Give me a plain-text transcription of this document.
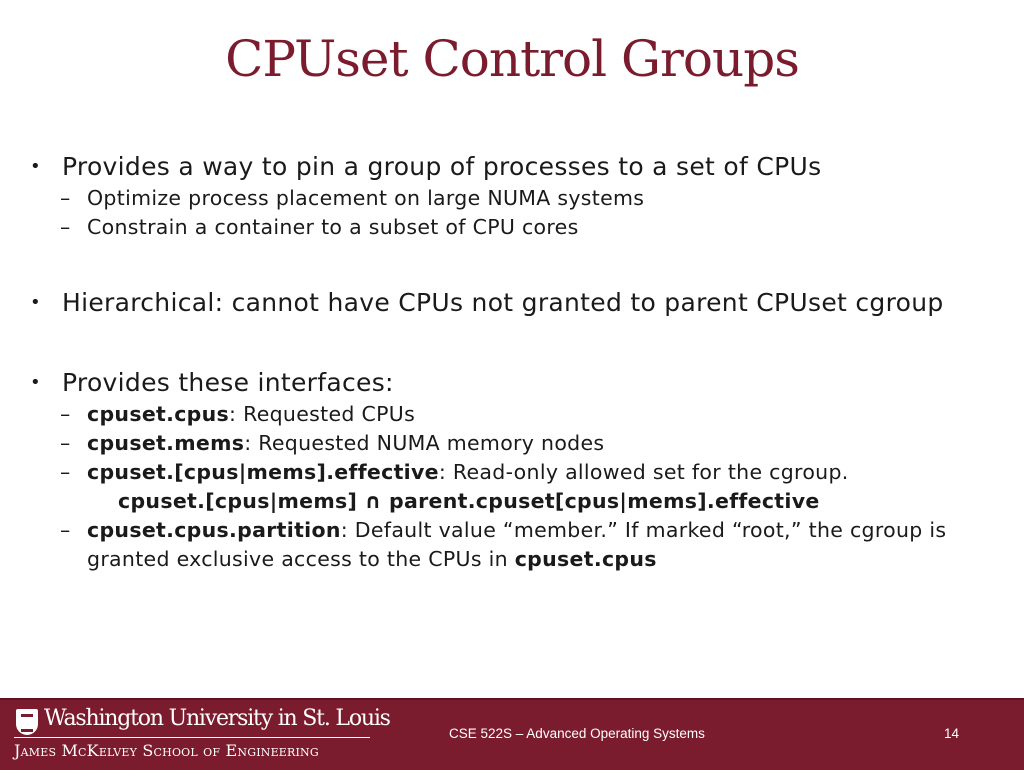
CPUset Control Groups
• Provides a way to pin a group of processes to a set of CPUs
– Optimize process placement on large NUMA systems
– Constrain a container to a subset of CPU cores
• Hierarchical: cannot have CPUs not granted to parent CPUset cgroup
• Provides these interfaces:
– cpuset.cpus: Requested CPUs
– cpuset.mems: Requested NUMA memory nodes
– cpuset.[cpus|mems].effective: Read-only allowed set for the cgroup.
cpuset.[cpus|mems] ∩ parent.cpuset[cpus|mems].effective
– cpuset.cpus.partition: Default value “member.” If marked “root,” the cgroup is granted exclusive access to the CPUs in cpuset.cpus
Washington University in St. Louis
James McKelvey School of Engineering
CSE 522S – Advanced Operating Systems	14
